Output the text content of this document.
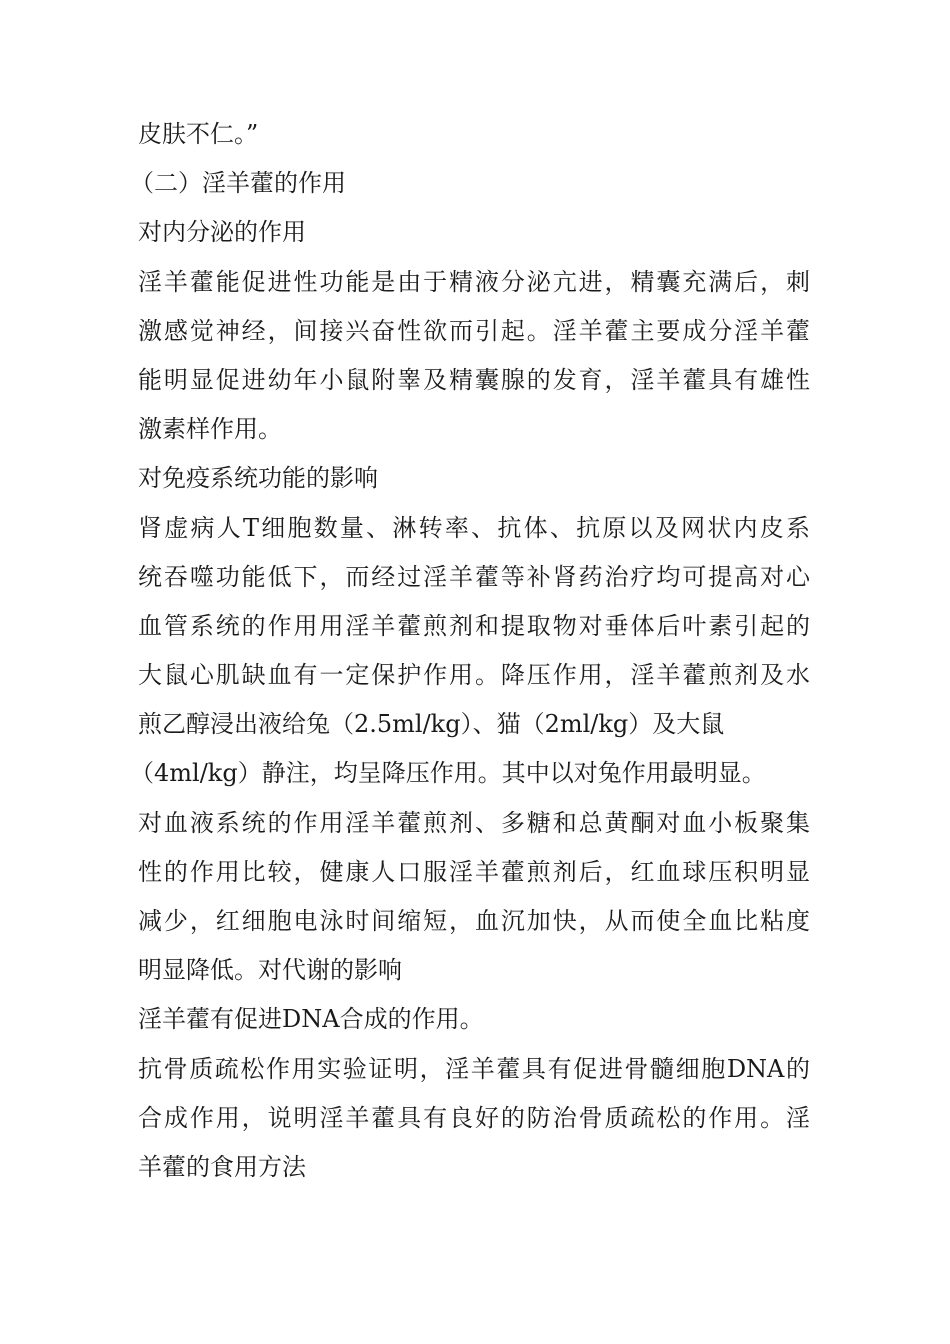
皮肤不仁。”
（二）淫羊藿的作用
对内分泌的作用
淫羊藿能促进性功能是由于精液分泌亢进，精囊充满后，刺
激感觉神经，间接兴奋性欲而引起。淫羊藿主要成分淫羊藿
能明显促进幼年小鼠附睾及精囊腺的发育，淫羊藿具有雄性
激素样作用。
对免疫系统功能的影响
肾虚病人T细胞数量、淋转率、抗体、抗原以及网状内皮系
统吞噬功能低下，而经过淫羊藿等补肾药治疗均可提高对心
血管系统的作用用淫羊藿煎剂和提取物对垂体后叶素引起的
大鼠心肌缺血有一定保护作用。降压作用，淫羊藿煎剂及水
煎乙醇浸出液给兔（2.5ml/kg）、猫（2ml/kg）及大鼠
（4ml/kg）静注，均呈降压作用。其中以对兔作用最明显。
对血液系统的作用淫羊藿煎剂、多糖和总黄酮对血小板聚集
性的作用比较，健康人口服淫羊藿煎剂后，红血球压积明显
减少，红细胞电泳时间缩短，血沉加快，从而使全血比粘度
明显降低。对代谢的影响
淫羊藿有促进DNA合成的作用。
抗骨质疏松作用实验证明，淫羊藿具有促进骨髓细胞DNA的
合成作用，说明淫羊藿具有良好的防治骨质疏松的作用。淫
羊藿的食用方法
